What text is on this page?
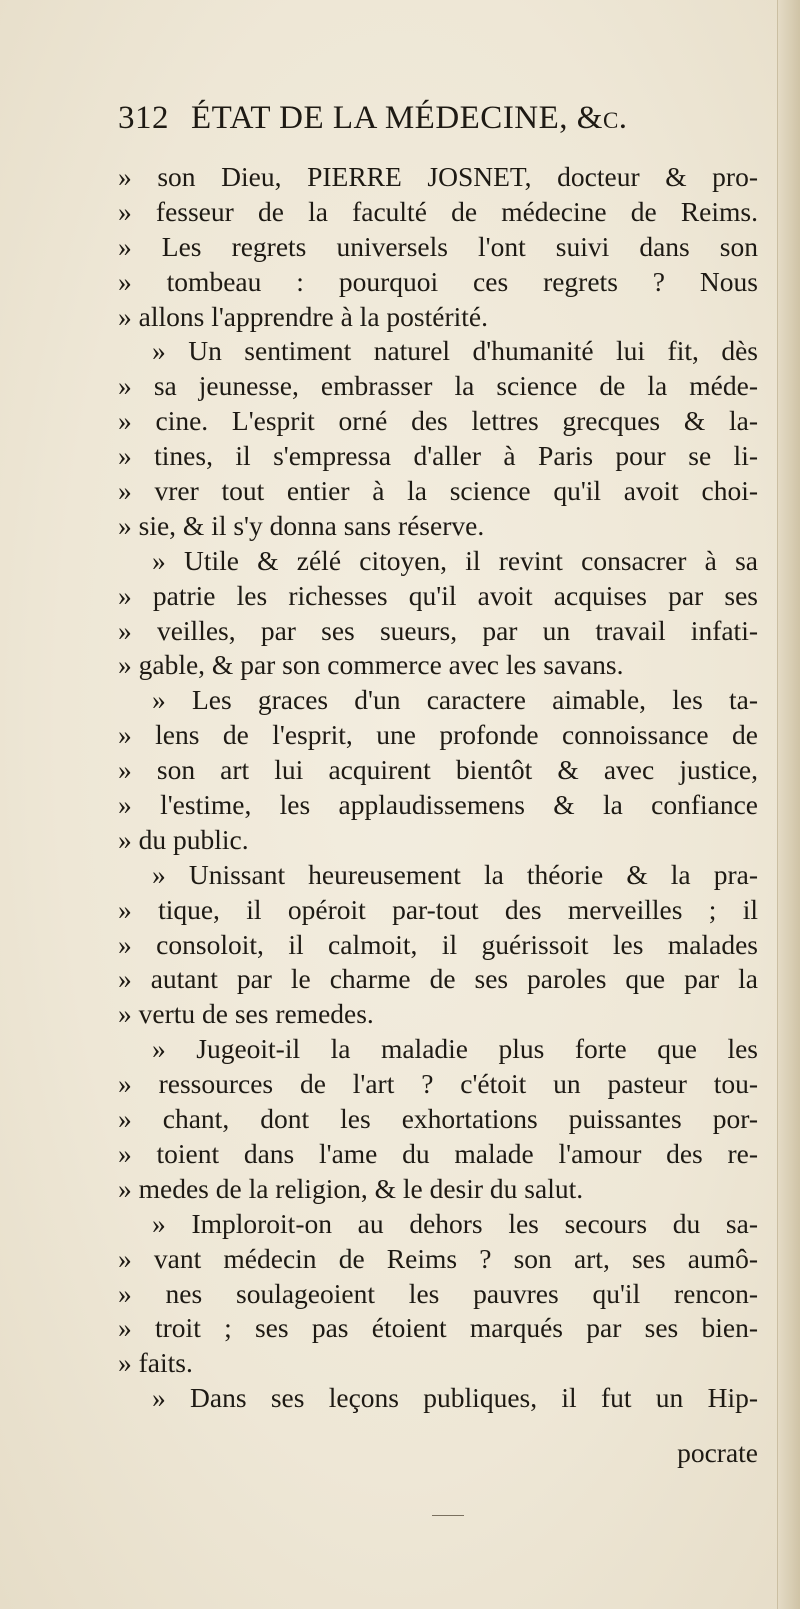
312 ÉTAT DE LA MÉDECINE, &c.
» son Dieu, PIERRE JOSNET, docteur & pro-
» fesseur de la faculté de médecine de Reims.
» Les regrets universels l'ont suivi dans son
» tombeau : pourquoi ces regrets ? Nous
» allons l'apprendre à la postérité.
» Un sentiment naturel d'humanité lui fit, dès
» sa jeunesse, embrasser la science de la méde-
» cine. L'esprit orné des lettres grecques & la-
» tines, il s'empressa d'aller à Paris pour se li-
» vrer tout entier à la science qu'il avoit choi-
» sie, & il s'y donna sans réserve.
» Utile & zélé citoyen, il revint consacrer à sa
» patrie les richesses qu'il avoit acquises par ses
» veilles, par ses sueurs, par un travail infati-
» gable, & par son commerce avec les savans.
» Les graces d'un caractere aimable, les ta-
» lens de l'esprit, une profonde connoissance de
» son art lui acquirent bientôt & avec justice,
» l'estime, les applaudissemens & la confiance
» du public.
» Unissant heureusement la théorie & la pra-
» tique, il opéroit par-tout des merveilles ; il
» consoloit, il calmoit, il guérissoit les malades
» autant par le charme de ses paroles que par la
» vertu de ses remedes.
» Jugeoit-il la maladie plus forte que les
» ressources de l'art ? c'étoit un pasteur tou-
» chant, dont les exhortations puissantes por-
» toient dans l'ame du malade l'amour des re-
» medes de la religion, & le desir du salut.
» Imploroit-on au dehors les secours du sa-
» vant médecin de Reims ? son art, ses aumô-
» nes soulageoient les pauvres qu'il rencon-
» troit ; ses pas étoient marqués par ses bien-
» faits.
» Dans ses leçons publiques, il fut un Hip-
pocrate
